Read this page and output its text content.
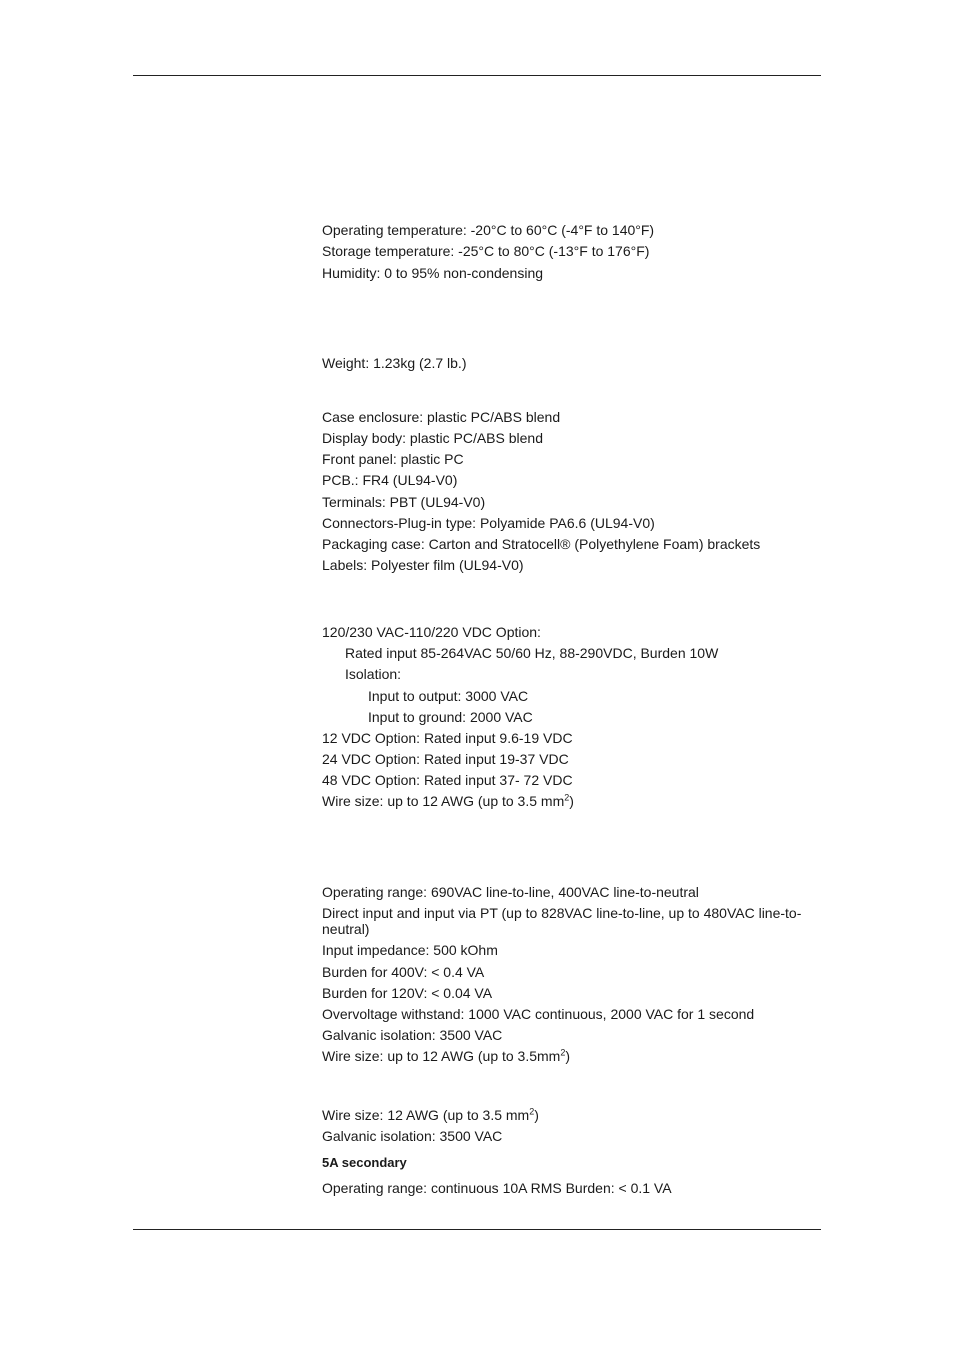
Operating temperature: -20°C to 60°C (-4°F to 140°F)
Storage temperature: -25°C to 80°C (-13°F to 176°F)
Humidity: 0 to 95% non-condensing
Weight: 1.23kg (2.7 lb.)
Case enclosure: plastic PC/ABS blend
Display body: plastic PC/ABS blend
Front panel: plastic PC
PCB.: FR4 (UL94-V0)
Terminals: PBT (UL94-V0)
Connectors-Plug-in type: Polyamide PA6.6 (UL94-V0)
Packaging case: Carton and Stratocell® (Polyethylene Foam) brackets
Labels: Polyester film (UL94-V0)
120/230 VAC-110/220 VDC Option:
Rated input 85-264VAC 50/60 Hz, 88-290VDC, Burden 10W
Isolation:
Input to output: 3000 VAC
Input to ground: 2000 VAC
12 VDC Option: Rated input 9.6-19 VDC
24 VDC Option: Rated input 19-37 VDC
48 VDC Option: Rated input 37- 72 VDC
Wire size: up to 12 AWG (up to 3.5 $mm^2$)
Operating range: 690VAC line-to-line, 400VAC line-to-neutral
Direct input and input via PT (up to 828VAC line-to-line, up to 480VAC line-to-neutral)
Input impedance: 500 kOhm
Burden for 400V: < 0.4 VA
Burden for 120V: < 0.04 VA
Overvoltage withstand: 1000 VAC continuous, 2000 VAC for 1 second
Galvanic isolation: 3500 VAC
Wire size: up to 12 AWG (up to $3.5mm^2$)
Wire size: 12 AWG (up to 3.5 $mm^2$)
Galvanic isolation: 3500 VAC
5A secondary
Operating range: continuous 10A RMS Burden: < 0.1 VA
